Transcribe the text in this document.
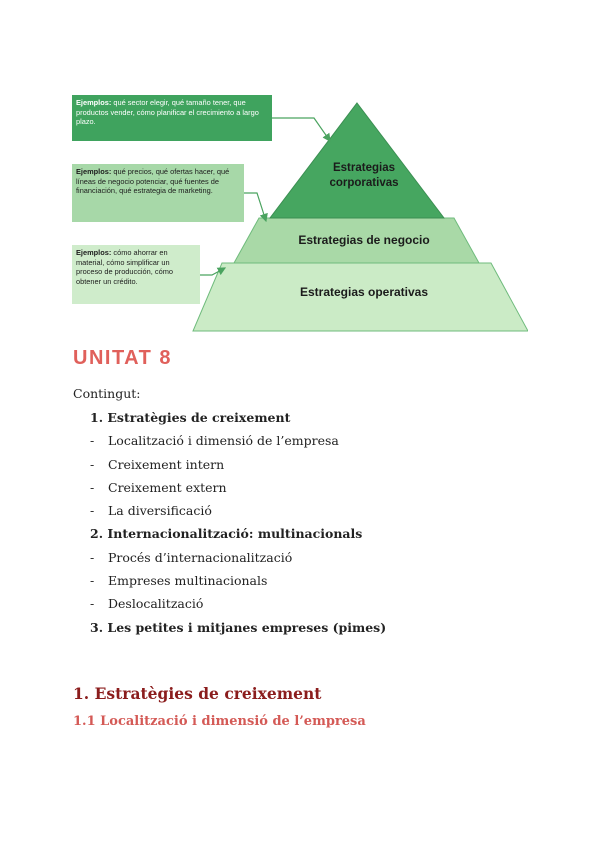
Ejemplos: qué sector elegir, qué tamaño tener, que productos vender, cómo planificar el crecimiento a largo plazo.
Ejemplos: qué precios, qué ofertas hacer, qué líneas de negocio potenciar, qué fuentes de financiación, qué estrategia de marketing.
Ejemplos: cómo ahorrar en material, cómo simplificar un proceso de producción, cómo obtener un crédito.
Estrategias corporativas
Estrategias de negocio
Estrategias operativas
UNITAT 8
Contingut:
1. Estratègies de creixement
- Localització i dimensió de l’empresa
- Creixement intern
- Creixement extern
- La diversificació
2. Internacionalització: multinacionals
- Procés d’internacionalització
- Empreses multinacionals
- Deslocalització
3. Les petites i mitjanes empreses (pimes)
1. Estratègies de creixement
1.1 Localització i dimensió de l’empresa
